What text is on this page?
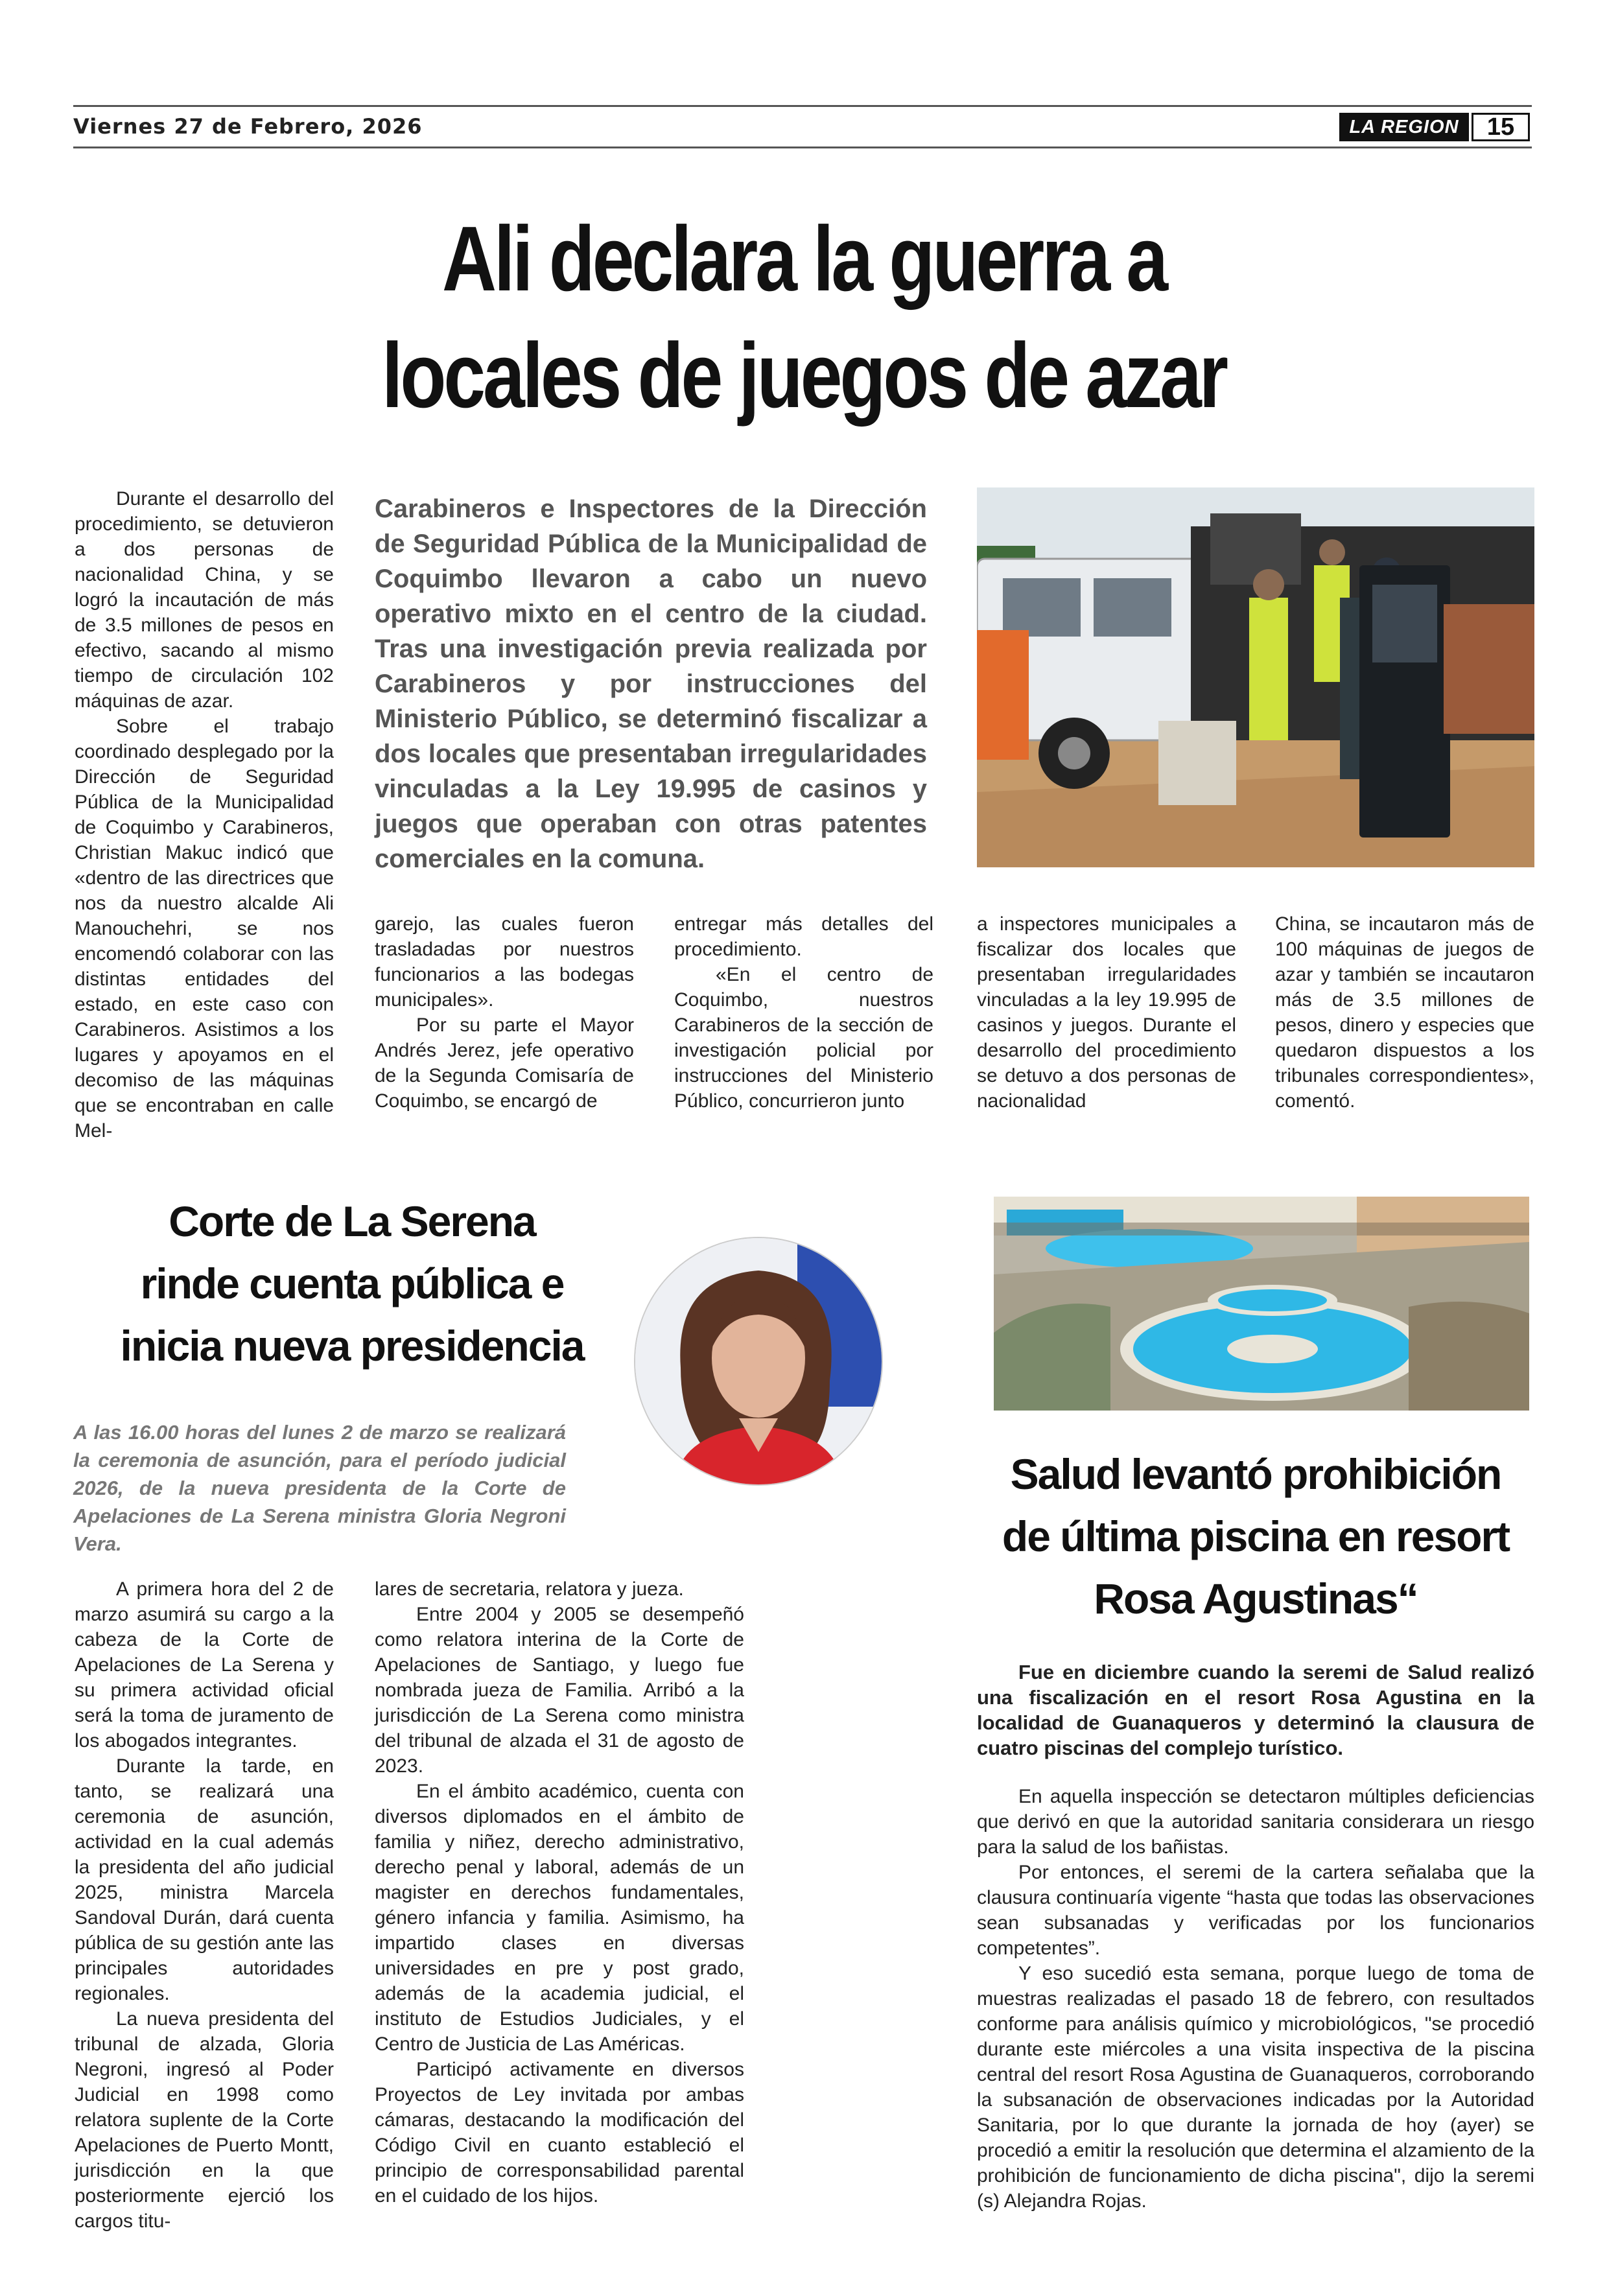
Viernes 27 de Febrero, 2026	LA REGION	15
Ali declara la guerra a
locales de juegos de azar

Durante el desarrollo del procedimiento, se detuvieron a dos personas de nacionalidad China, y se logró la incautación de más de 3.5 millones de pesos en efectivo, sacando al mismo tiempo de circulación 102 máquinas de azar.

Sobre el trabajo coordinado desplegado por la Dirección de Seguridad Pública de la Municipalidad de Coquimbo y Carabineros, Christian Makuc indicó que «dentro de las directrices que nos da nuestro alcalde Ali Manouchehri, se nos encomendó colaborar con las distintas entidades del estado, en este caso con Carabineros. Asistimos a los lugares y apoyamos en el decomiso de las máquinas que se encontraban en calle Mel-

Carabineros e Inspectores de la Dirección de Seguridad Pública de la Municipalidad de Coquimbo llevaron a cabo un nuevo operativo mixto en el centro de la ciudad. Tras una investigación previa realizada por Carabineros y por instrucciones del Ministerio Público, se determinó fiscalizar a dos locales que presentaban irregularidades vinculadas a la Ley 19.995 de casinos y juegos que operaban con otras patentes comerciales en la comuna.

garejo, las cuales fueron trasladadas por nuestros funcionarios a las bodegas municipales».

Por su parte el Mayor Andrés Jerez, jefe operativo de la Segunda Comisaría de Coquimbo, se encargó de

entregar más detalles del procedimiento.

«En el centro de Coquimbo, nuestros Carabineros de la sección de investigación policial por instrucciones del Ministerio Público, concurrieron junto

a inspectores municipales a fiscalizar dos locales que presentaban irregularidades vinculadas a la ley 19.995 de casinos y juegos. Durante el desarrollo del procedimiento se detuvo a dos personas de nacionalidad

China, se incautaron más de 100 máquinas de juegos de azar y también se incautaron más de 3.5 millones de pesos, dinero y especies que quedaron dispuestos a los tribunales correspondientes», comentó.

Corte de La Serena
rinde cuenta pública e
inicia nueva presidencia
A las 16.00 horas del lunes 2 de marzo se realizará la ceremonia de asunción, para el período judicial 2026, de la nueva presidenta de la Corte de Apelaciones de La Serena ministra Gloria Negroni Vera.

A primera hora del 2 de marzo asumirá su cargo a la cabeza de la Corte de Apelaciones de La Serena y su primera actividad oficial será la toma de juramento de los abogados integrantes.

Durante la tarde, en tanto, se realizará una ceremonia de asunción, actividad en la cual además la presidenta del año judicial 2025, ministra Marcela Sandoval Durán, dará cuenta pública de su gestión ante las principales autoridades regionales.

La nueva presidenta del tribunal de alzada, Gloria Negroni, ingresó al Poder Judicial en 1998 como relatora suplente de la Corte Apelaciones de Puerto Montt, jurisdicción en la que posteriormente ejerció los cargos titu-

lares de secretaria, relatora y jueza.

Entre 2004 y 2005 se desempeñó como relatora interina de la Corte de Apelaciones de Santiago, y luego fue nombrada jueza de Familia. Arribó a la jurisdicción de La Serena como ministra del tribunal de alzada el 31 de agosto de 2023.

En el ámbito académico, cuenta con diversos diplomados en el ámbito de familia y niñez, derecho administrativo, derecho penal y laboral, además de un magister en derechos fundamentales, género infancia y familia. Asimismo, ha impartido clases en diversas universidades en pre y post grado, además de la academia judicial, el instituto de Estudios Judiciales, y el Centro de Justicia de Las Américas.

Participó activamente en diversos Proyectos de Ley invitada por ambas cámaras, destacando la modificación del Código Civil en cuanto estableció el principio de corresponsabilidad parental en el cuidado de los hijos.

Salud levantó prohibición
de última piscina en resort
Rosa Agustinas“
Fue en diciembre cuando la seremi de Salud realizó una fiscalización en el resort Rosa Agustina en la localidad de Guanaqueros y determinó la clausura de cuatro piscinas del complejo turístico.

En aquella inspección se detectaron múltiples deficiencias que derivó en que la autoridad sanitaria considerara un riesgo para la salud de los bañistas.

Por entonces, el seremi de la cartera señalaba que la clausura continuaría vigente “hasta que todas las observaciones sean subsanadas y verificadas por los funcionarios competentes”.

Y eso sucedió esta semana, porque luego de toma de muestras realizadas el pasado 18 de febrero, con resultados conforme para análisis químico y microbiológicos, "se procedió durante este miércoles a una visita inspectiva de la piscina central del resort Rosa Agustina de Guanaqueros, corroborando la subsanación de observaciones indicadas por la Autoridad Sanitaria, por lo que durante la jornada de hoy (ayer) se procedió a emitir la resolución que determina el alzamiento de la prohibición de funcionamiento de dicha piscina", dijo la seremi (s) Alejandra Rojas.
